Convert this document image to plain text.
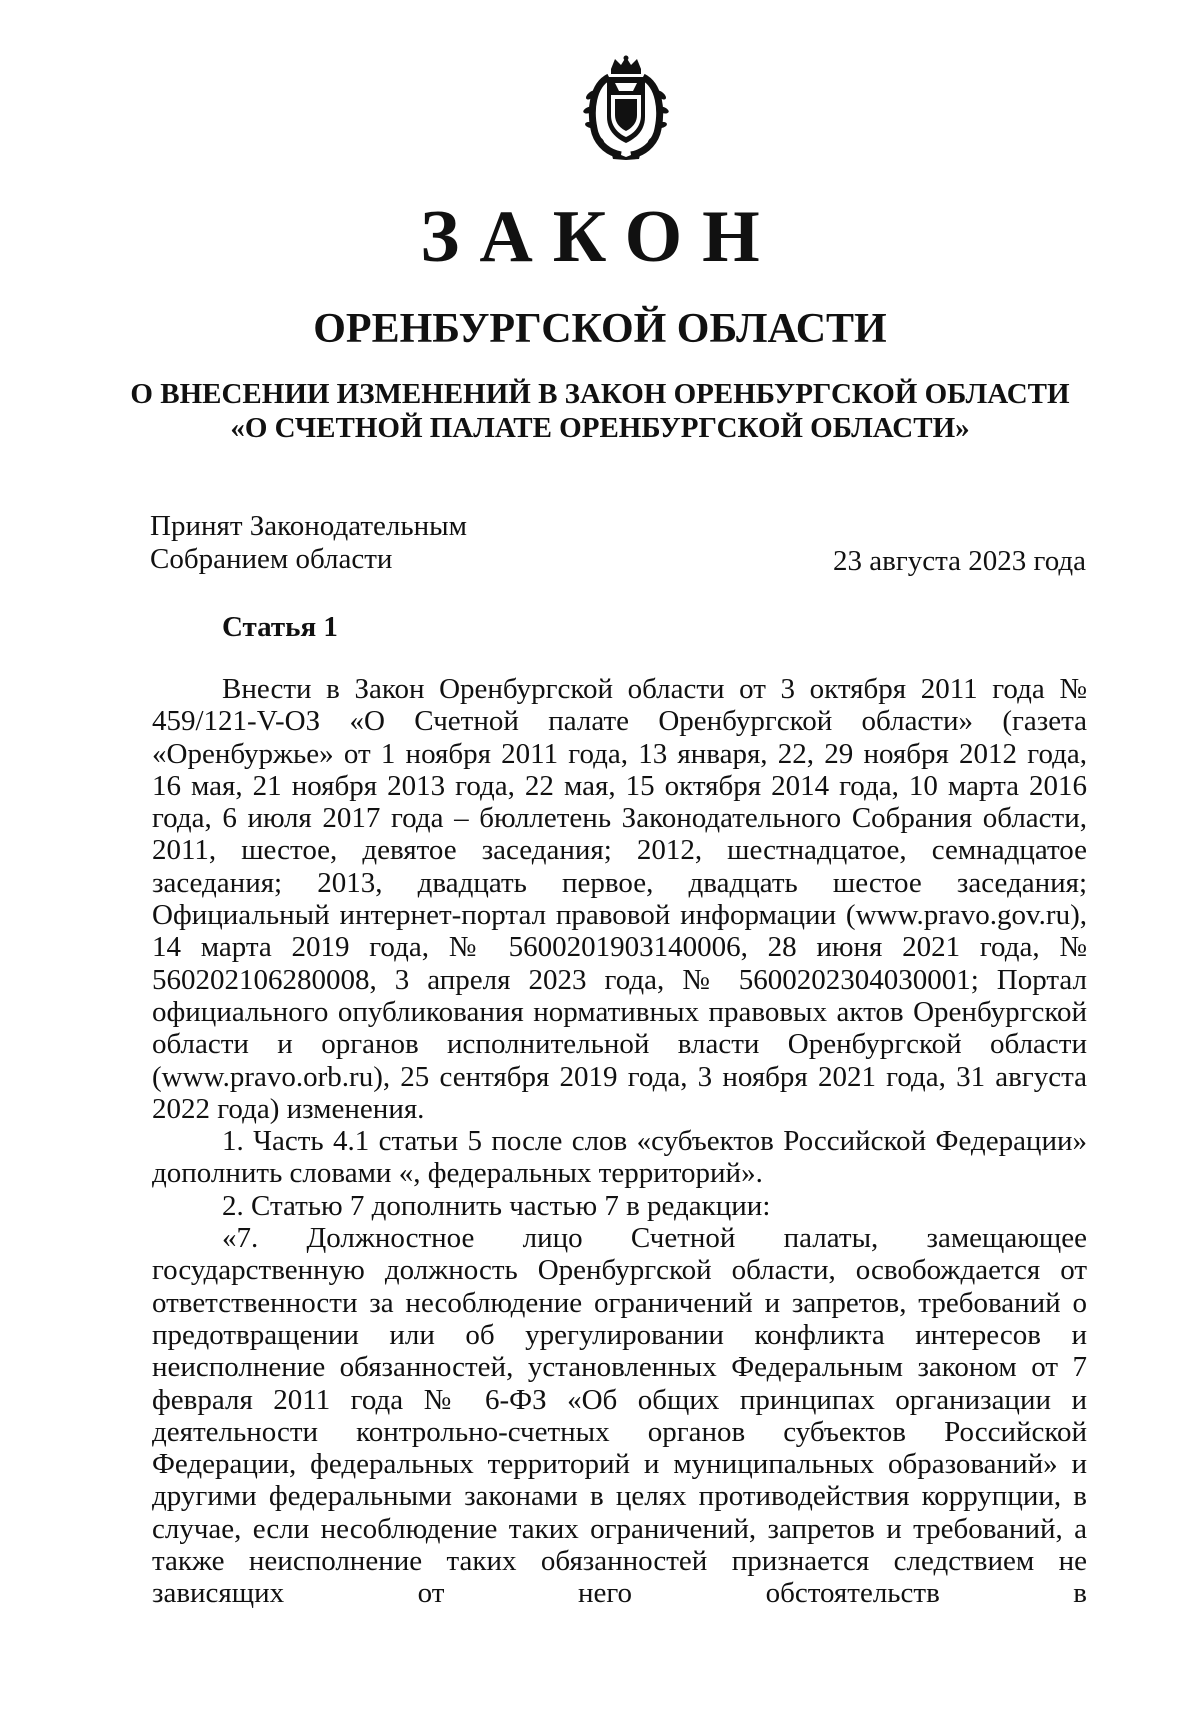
ЗАКОН
ОРЕНБУРГСКОЙ ОБЛАСТИ
О ВНЕСЕНИИ ИЗМЕНЕНИЙ В ЗАКОН ОРЕНБУРГСКОЙ ОБЛАСТИ
«О СЧЕТНОЙ ПАЛАТЕ ОРЕНБУРГСКОЙ ОБЛАСТИ»
Принят Законодательным
Собранием области	23 августа 2023 года
Статья 1

Внести в Закон Оренбургской области от 3 октября 2011 года № 459/121-V-ОЗ «О Счетной палате Оренбургской области» (газета «Оренбуржье» от 1 ноября 2011 года, 13 января, 22, 29 ноября 2012 года, 16 мая, 21 ноября 2013 года, 22 мая, 15 октября 2014 года, 10 марта 2016 года, 6 июля 2017 года – бюллетень Законодательного Собрания области, 2011, шестое, девятое заседания; 2012, шестнадцатое, семнадцатое заседания; 2013, двадцать первое, двадцать шестое заседания; Официальный интернет-портал правовой информации (www.pravo.gov.ru), 14 марта 2019 года, № 5600201903140006, 28 июня 2021 года, № 560202106280008, 3 апреля 2023 года, № 5600202304030001; Портал официального опубликования нормативных правовых актов Оренбургской области и органов исполнительной власти Оренбургской области (www.pravo.orb.ru), 25 сентября 2019 года, 3 ноября 2021 года, 31 августа 2022 года) изменения.

1. Часть 4.1 статьи 5 после слов «субъектов Российской Федерации» дополнить словами «, федеральных территорий».

2. Статью 7 дополнить частью 7 в редакции:

«7. Должностное лицо Счетной палаты, замещающее государственную должность Оренбургской области, освобождается от ответственности за несоблюдение ограничений и запретов, требований о предотвращении или об урегулировании конфликта интересов и неисполнение обязанностей, установленных Федеральным законом от 7 февраля 2011 года № 6-ФЗ «Об общих принципах организации и деятельности контрольно-счетных органов субъектов Российской Федерации, федеральных территорий и муниципальных образований» и другими федеральными законами в целях противодействия коррупции, в случае, если несоблюдение таких ограничений, запретов и требований, а также неисполнение таких обязанностей признается следствием не зависящих от него обстоятельств в
